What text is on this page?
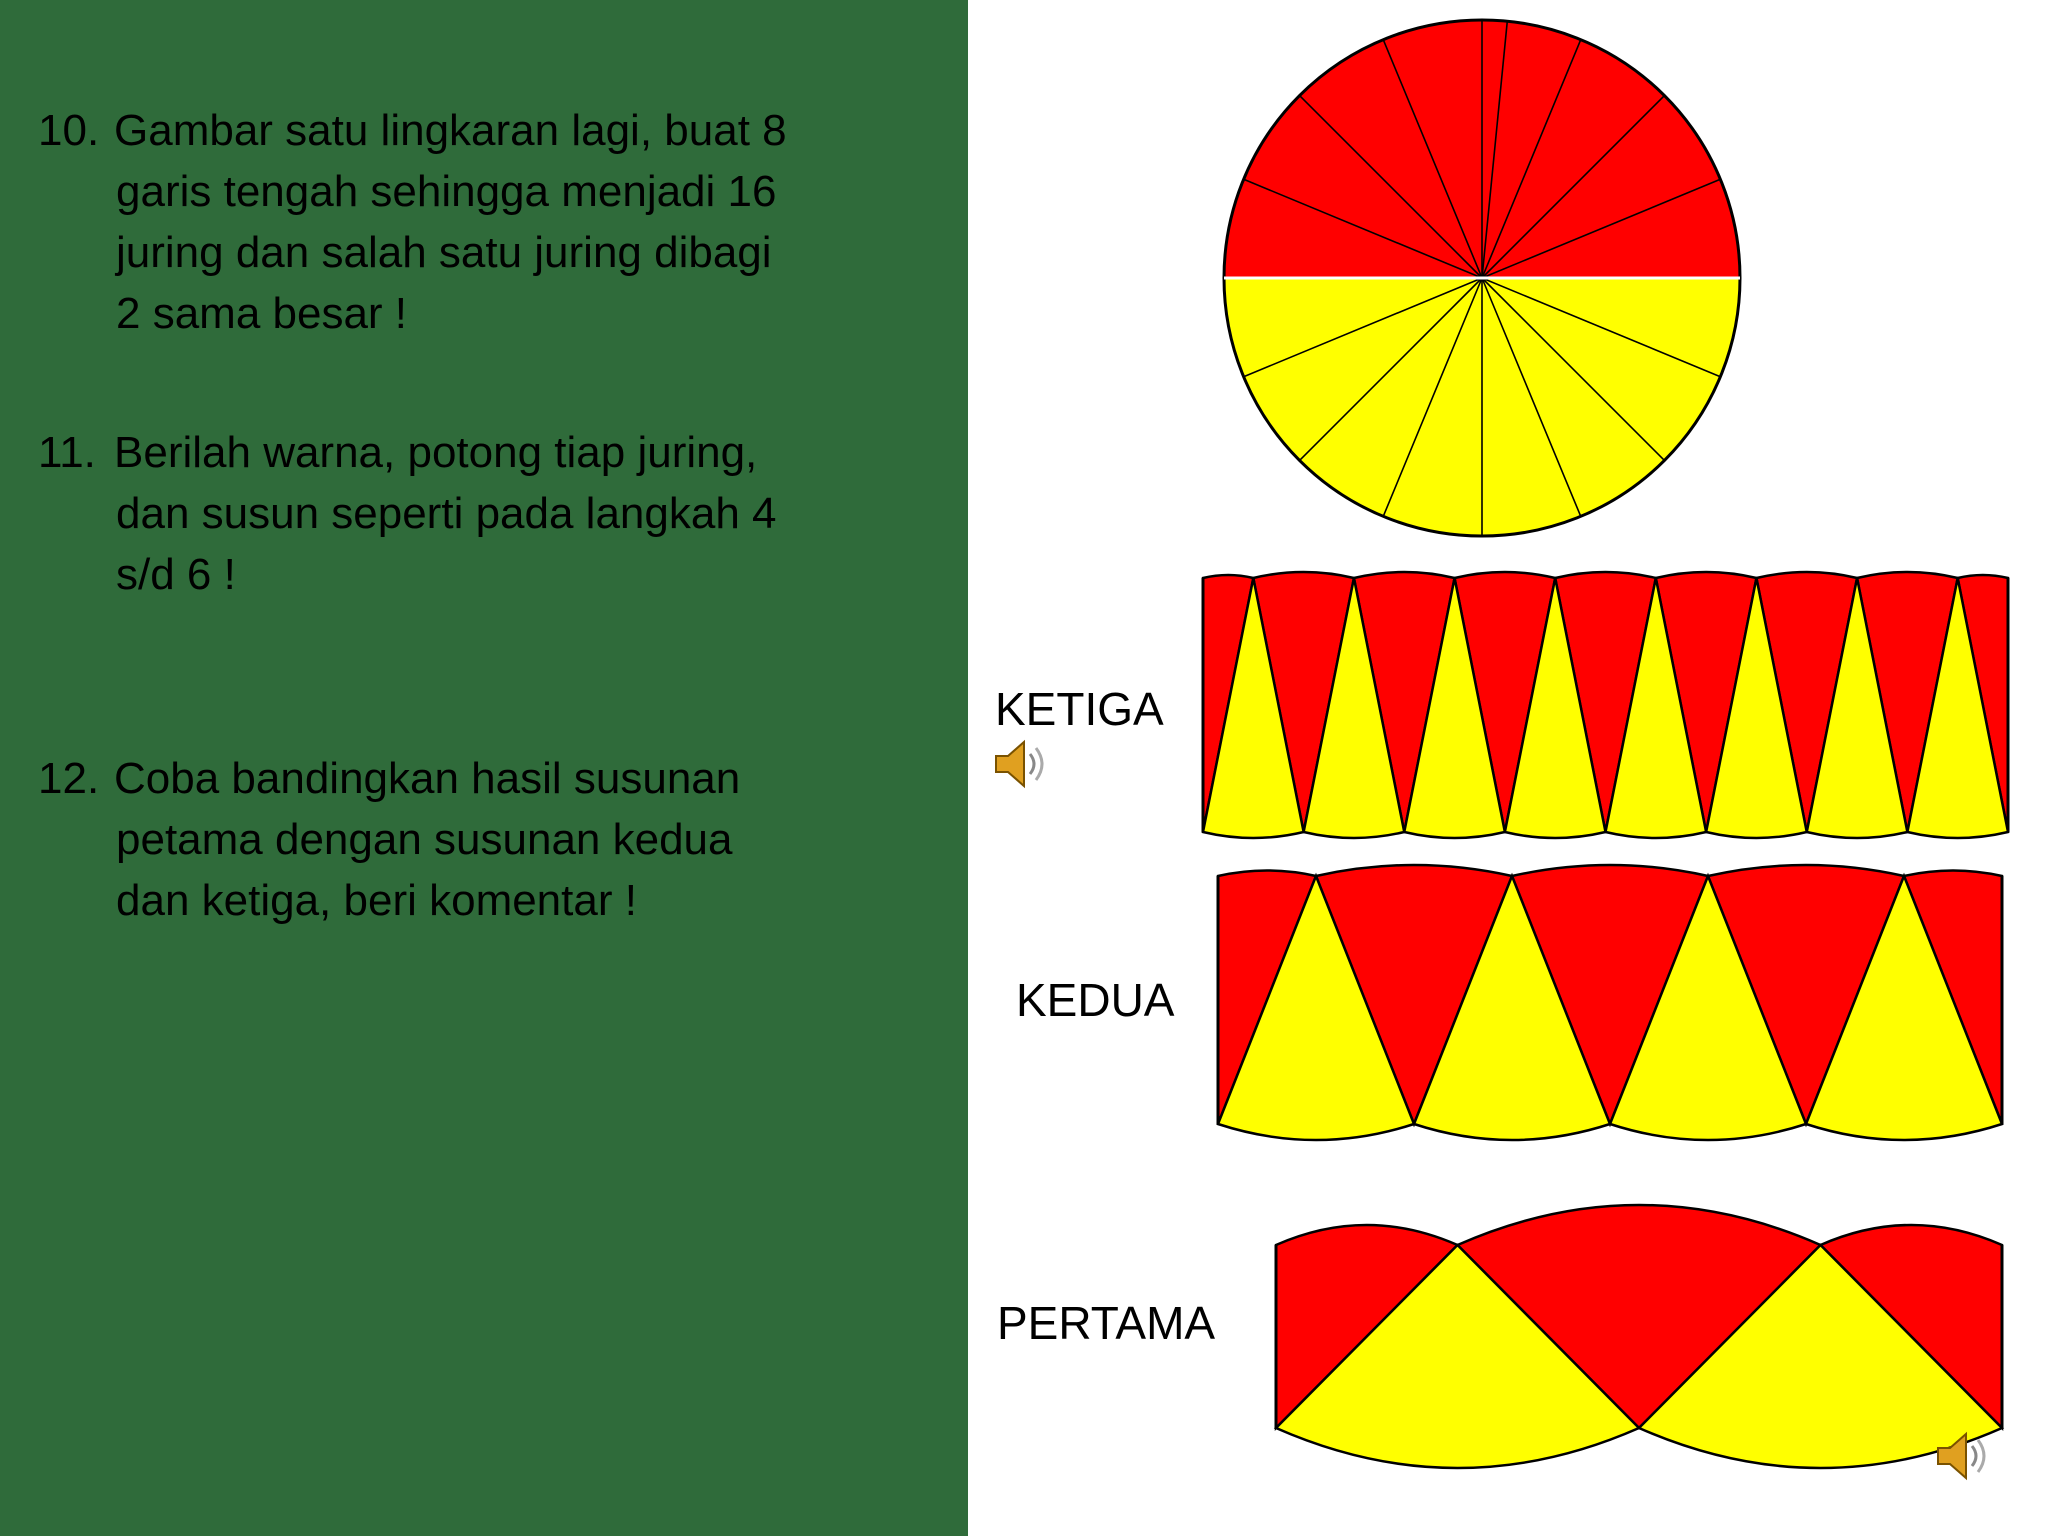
10. Gambar satu lingkaran lagi, buat 8
garis tengah sehingga menjadi 16
juring dan salah satu juring dibagi
2 sama besar !
11. Berilah warna, potong tiap juring,
dan susun seperti pada langkah 4
s/d 6 !
12. Coba bandingkan hasil susunan
petama dengan susunan kedua
dan ketiga, beri komentar !
KETIGA
KEDUA
PERTAMA
